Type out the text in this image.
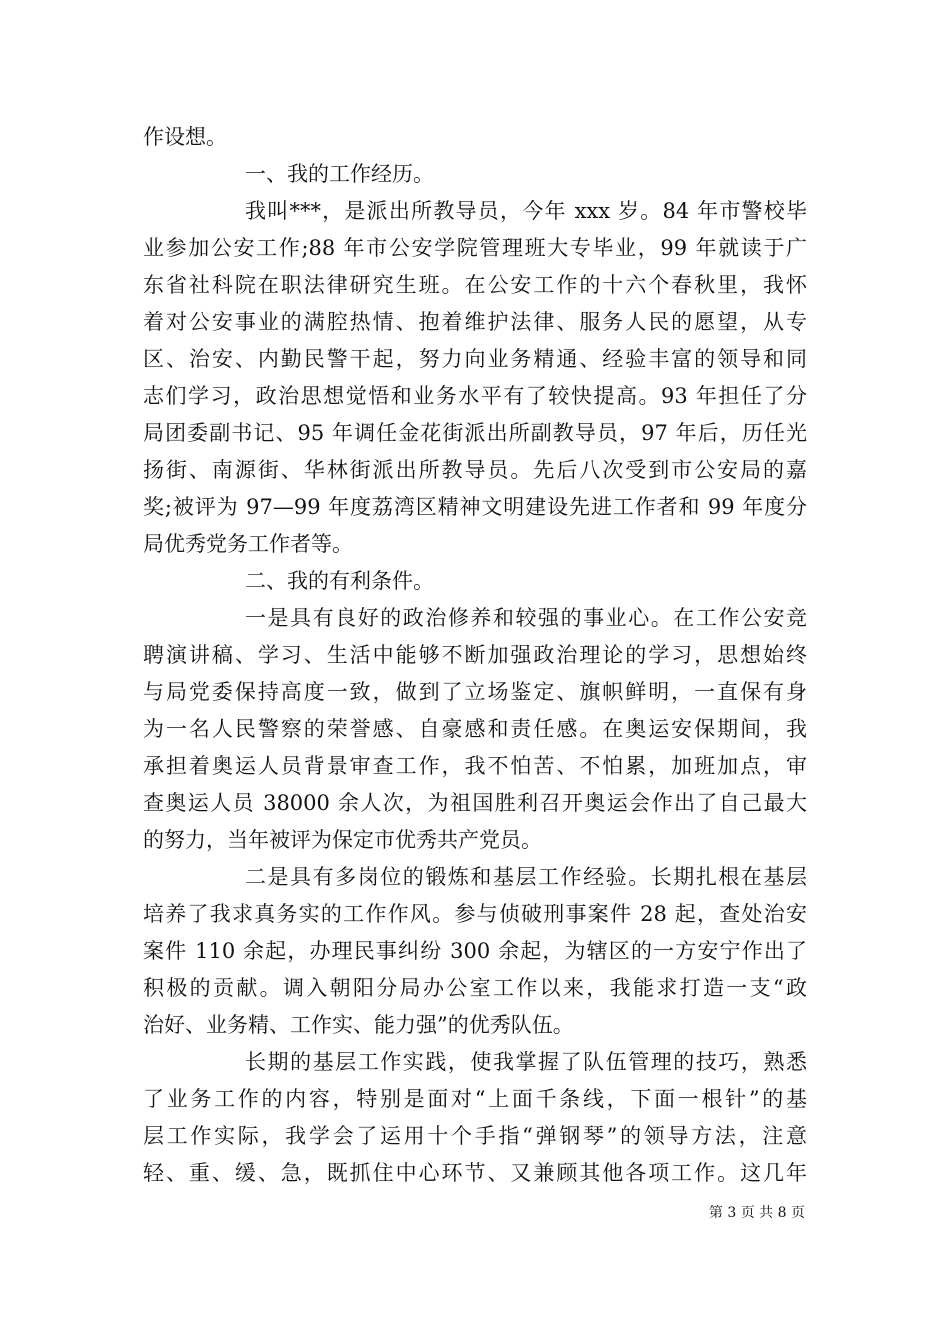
作设想。
一、我的工作经历。
我叫***，是派出所教导员，今年 xxx 岁。84 年市警校毕
业参加公安工作;88 年市公安学院管理班大专毕业，99 年就读于广
东省社科院在职法律研究生班。在公安工作的十六个春秋里，我怀
着对公安事业的满腔热情、抱着维护法律、服务人民的愿望，从专
区、治安、内勤民警干起，努力向业务精通、经验丰富的领导和同
志们学习，政治思想觉悟和业务水平有了较快提高。93 年担任了分
局团委副书记、95 年调任金花街派出所副教导员，97 年后，历任光
扬街、南源街、华林街派出所教导员。先后八次受到市公安局的嘉
奖;被评为 97—99 年度荔湾区精神文明建设先进工作者和 99 年度分
局优秀党务工作者等。
二、我的有利条件。
一是具有良好的政治修养和较强的事业心。在工作公安竞
聘演讲稿、学习、生活中能够不断加强政治理论的学习，思想始终
与局党委保持高度一致，做到了立场鉴定、旗帜鲜明，一直保有身
为一名人民警察的荣誉感、自豪感和责任感。在奥运安保期间，我
承担着奥运人员背景审查工作，我不怕苦、不怕累，加班加点，审
查奥运人员 38000 余人次，为祖国胜利召开奥运会作出了自己最大
的努力，当年被评为保定市优秀共产党员。
二是具有多岗位的锻炼和基层工作经验。长期扎根在基层
培养了我求真务实的工作作风。参与侦破刑事案件 28 起，查处治安
案件 110 余起，办理民事纠纷 300 余起，为辖区的一方安宁作出了
积极的贡献。调入朝阳分局办公室工作以来，我能求打造一支“政
治好、业务精、工作实、能力强”的优秀队伍。
长期的基层工作实践，使我掌握了队伍管理的技巧，熟悉
了业务工作的内容，特别是面对“上面千条线，下面一根针”的基
层工作实际，我学会了运用十个手指“弹钢琴”的领导方法，注意
轻、重、缓、急，既抓住中心环节、又兼顾其他各项工作。这几年
第 3 页 共 8 页
